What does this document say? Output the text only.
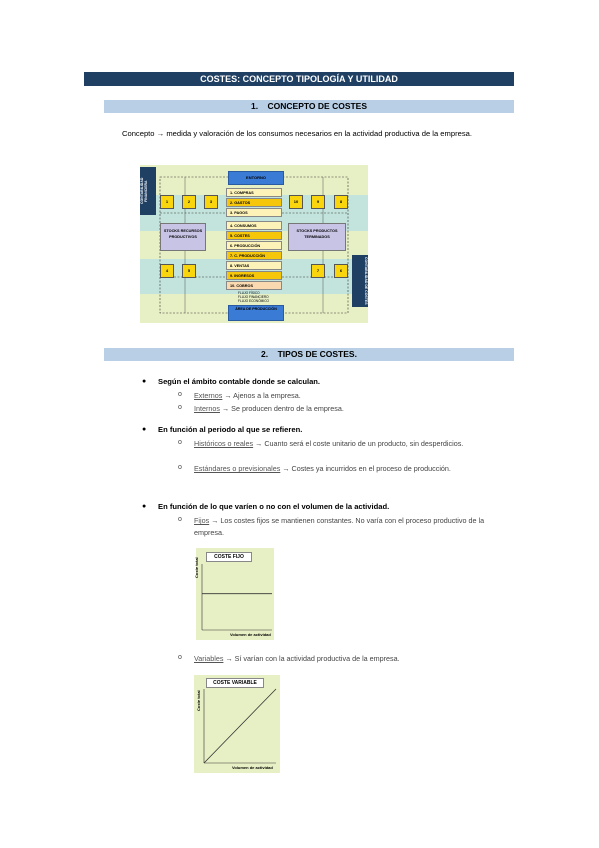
COSTES: CONCEPTO TIPOLOGÍA Y UTILIDAD
1. CONCEPTO DE COSTES
Concepto → medida y valoración de los consumos necesarios en la actividad productiva de la empresa.
CONTABILIDAD FINANCIERA
CONTABILIDAD DE COSTES
ENTORNO
ÁREA DE PRODUCCIÓN
1	2	3	10	9	8
4	5	7	6
STOCKS RECURSOS PRODUCTIVOS
STOCKS PRODUCTOS TERMINADOS
1. COMPRAS
2. GASTOS
3. PAGOS
4. CONSUMOS
5. COSTES
6. PRODUCCIÓN
7. C. PRODUCCIÓN
8. VENTAS
9. INGRESOS
10. COBROS
FLUJO FÍSICO
FLUJO FINANCIERO
FLUJO ECONÓMICO
2. TIPOS DE COSTES.
● Según el ámbito contable donde se calculan.
o Externos → Ajenos a la empresa.
o Internos → Se producen dentro de la empresa.
● En función al periodo al que se refieren.
o Históricos o reales → Cuanto será el coste unitario de un producto, sin desperdicios.
o Estándares o previsionales → Costes ya incurridos en el proceso de producción.
● En función de lo que varíen o no con el volumen de la actividad.
o Fijos → Los costes fijos se mantienen constantes. No varía con el proceso productivo de la empresa.
COSTE FIJO
Coste total
Volumen de actividad
o Variables → Sí varían con la actividad productiva de la empresa.
COSTE VARIABLE
Coste total
Volumen de actividad
